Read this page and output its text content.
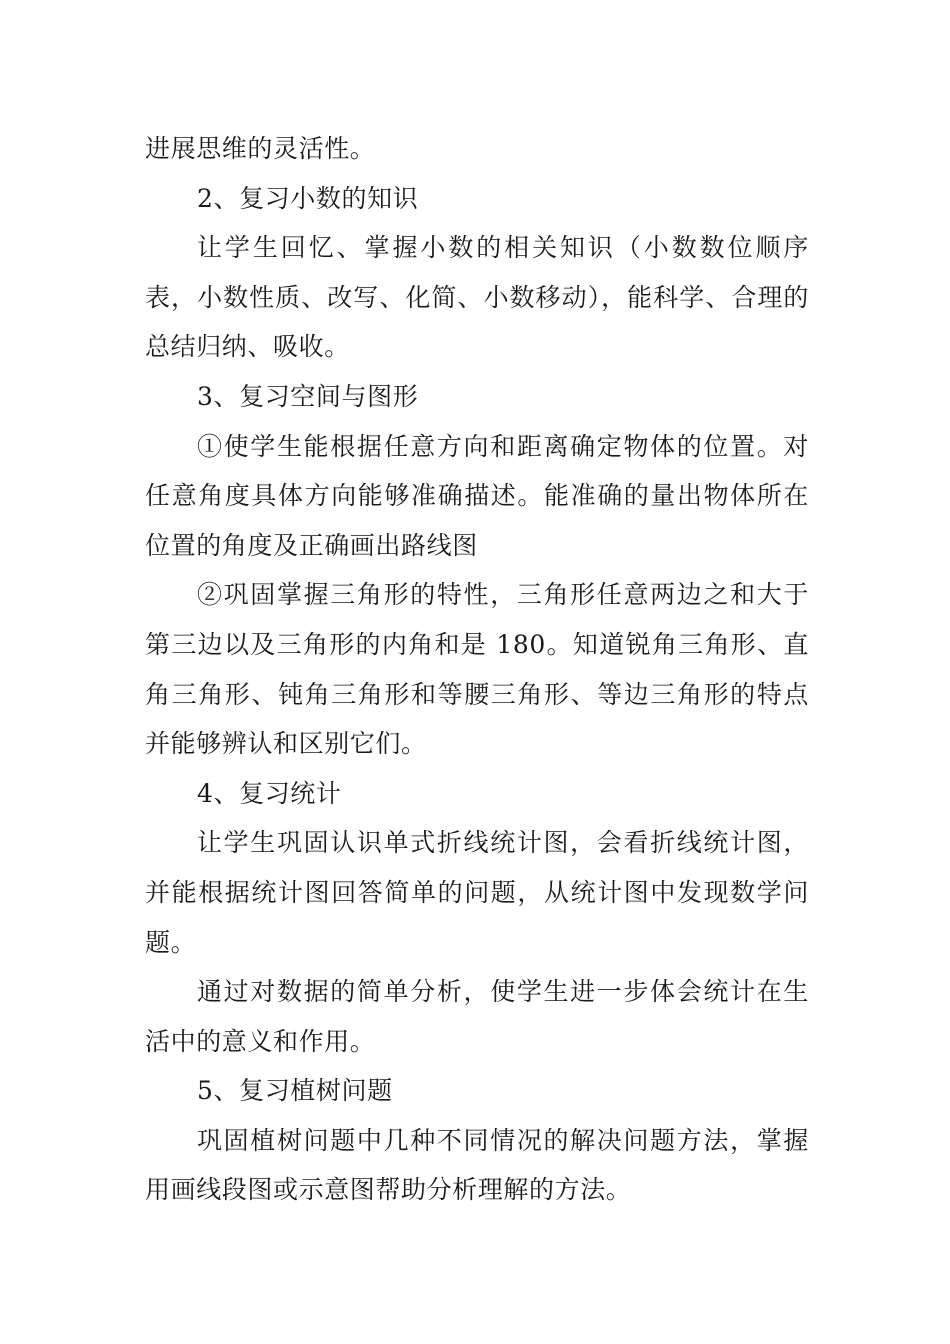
进展思维的灵活性。

2、复习小数的知识

让学生回忆、掌握小数的相关知识（小数数位顺序表，小数性质、改写、化简、小数移动），能科学、合理的总结归纳、吸收。

3、复习空间与图形

①使学生能根据任意方向和距离确定物体的位置。对任意角度具体方向能够准确描述。能准确的量出物体所在位置的角度及正确画出路线图

②巩固掌握三角形的特性，三角形任意两边之和大于第三边以及三角形的内角和是 180。知道锐角三角形、直角三角形、钝角三角形和等腰三角形、等边三角形的特点并能够辨认和区别它们。

4、复习统计

让学生巩固认识单式折线统计图，会看折线统计图，并能根据统计图回答简单的问题，从统计图中发现数学问题。

通过对数据的简单分析，使学生进一步体会统计在生活中的意义和作用。

5、复习植树问题

巩固植树问题中几种不同情况的解决问题方法，掌握用画线段图或示意图帮助分析理解的方法。
